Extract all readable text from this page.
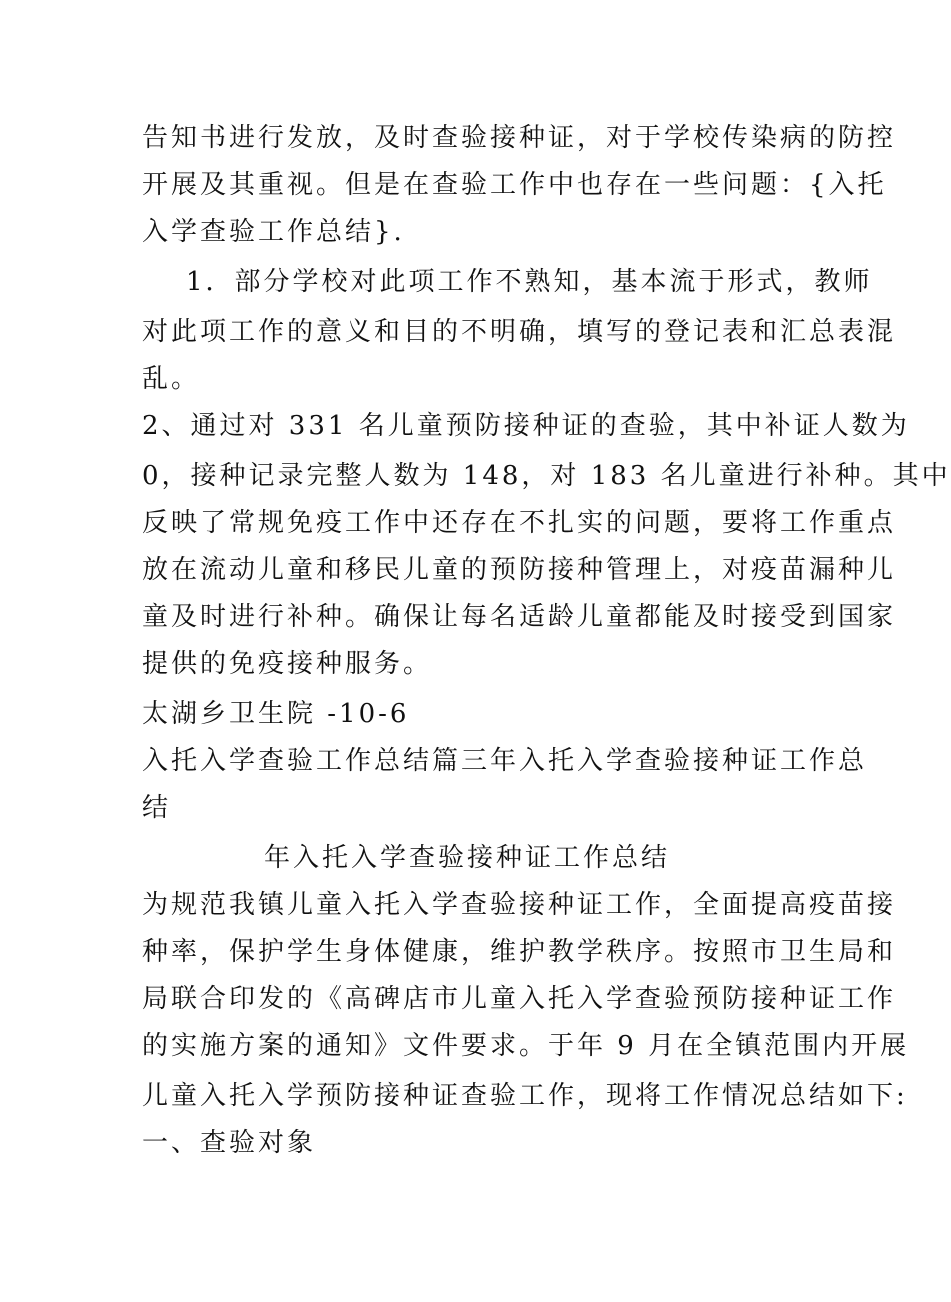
告知书进行发放，及时查验接种证，对于学校传染病的防控
开展及其重视。但是在查验工作中也存在一些问题：{入托
入学查验工作总结}.
1．部分学校对此项工作不熟知，基本流于形式，教师
对此项工作的意义和目的不明确，填写的登记表和汇总表混
乱。
2、通过对 331 名儿童预防接种证的查验，其中补证人数为
0，接种记录完整人数为 148，对 183 名儿童进行补种。其中
反映了常规免疫工作中还存在不扎实的问题，要将工作重点
放在流动儿童和移民儿童的预防接种管理上，对疫苗漏种儿
童及时进行补种。确保让每名适龄儿童都能及时接受到国家
提供的免疫接种服务。
太湖乡卫生院 -10-6
入托入学查验工作总结篇三年入托入学查验接种证工作总
结
年入托入学查验接种证工作总结
为规范我镇儿童入托入学查验接种证工作，全面提高疫苗接
种率，保护学生身体健康，维护教学秩序。按照市卫生局和
局联合印发的《高碑店市儿童入托入学查验预防接种证工作
的实施方案的通知》文件要求。于年 9 月在全镇范围内开展
儿童入托入学预防接种证查验工作，现将工作情况总结如下:
一、查验对象
